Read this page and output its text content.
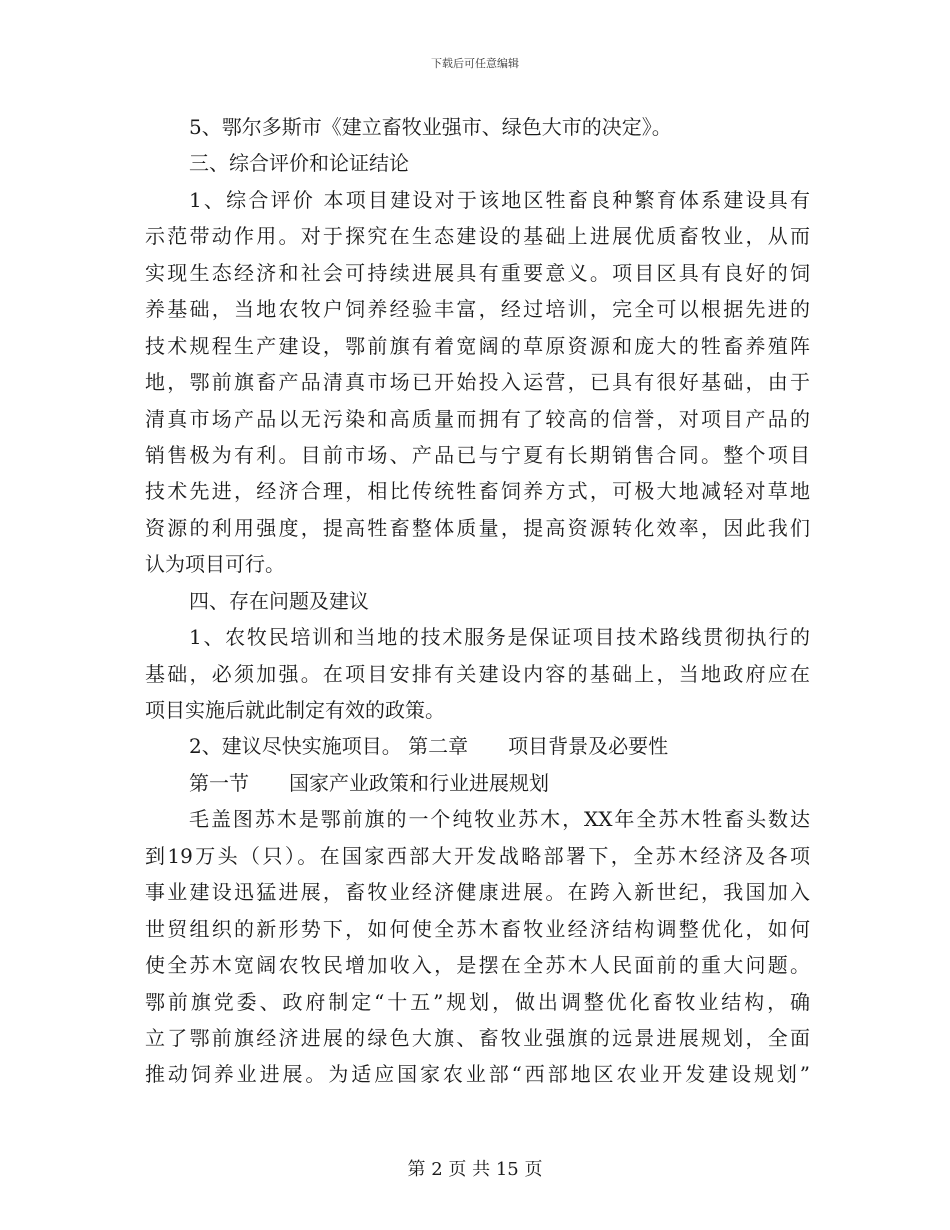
下载后可任意编辑
5、鄂尔多斯市《建立畜牧业强市、绿色大市的决定》。
三、综合评价和论证结论
1、综合评价 本项目建设对于该地区牲畜良种繁育体系建设具有
示范带动作用。对于探究在生态建设的基础上进展优质畜牧业，从而
实现生态经济和社会可持续进展具有重要意义。项目区具有良好的饲
养基础，当地农牧户饲养经验丰富，经过培训，完全可以根据先进的
技术规程生产建设，鄂前旗有着宽阔的草原资源和庞大的牲畜养殖阵
地，鄂前旗畜产品清真市场已开始投入运营，已具有很好基础，由于
清真市场产品以无污染和高质量而拥有了较高的信誉，对项目产品的
销售极为有利。目前市场、产品已与宁夏有长期销售合同。整个项目
技术先进，经济合理，相比传统牲畜饲养方式，可极大地减轻对草地
资源的利用强度，提高牲畜整体质量，提高资源转化效率，因此我们
认为项目可行。
四、存在问题及建议
1、农牧民培训和当地的技术服务是保证项目技术路线贯彻执行的
基础，必须加强。在项目安排有关建设内容的基础上，当地政府应在
项目实施后就此制定有效的政策。
2、建议尽快实施项目。 第二章　　项目背景及必要性
第一节　　国家产业政策和行业进展规划
毛盖图苏木是鄂前旗的一个纯牧业苏木，XX年全苏木牲畜头数达
到19万头（只）。在国家西部大开发战略部署下，全苏木经济及各项
事业建设迅猛进展，畜牧业经济健康进展。在跨入新世纪，我国加入
世贸组织的新形势下，如何使全苏木畜牧业经济结构调整优化，如何
使全苏木宽阔农牧民增加收入，是摆在全苏木人民面前的重大问题。
鄂前旗党委、政府制定“十五”规划，做出调整优化畜牧业结构，确
立了鄂前旗经济进展的绿色大旗、畜牧业强旗的远景进展规划，全面
推动饲养业进展。为适应国家农业部“西部地区农业开发建设规划”
第 2 页 共 15 页
